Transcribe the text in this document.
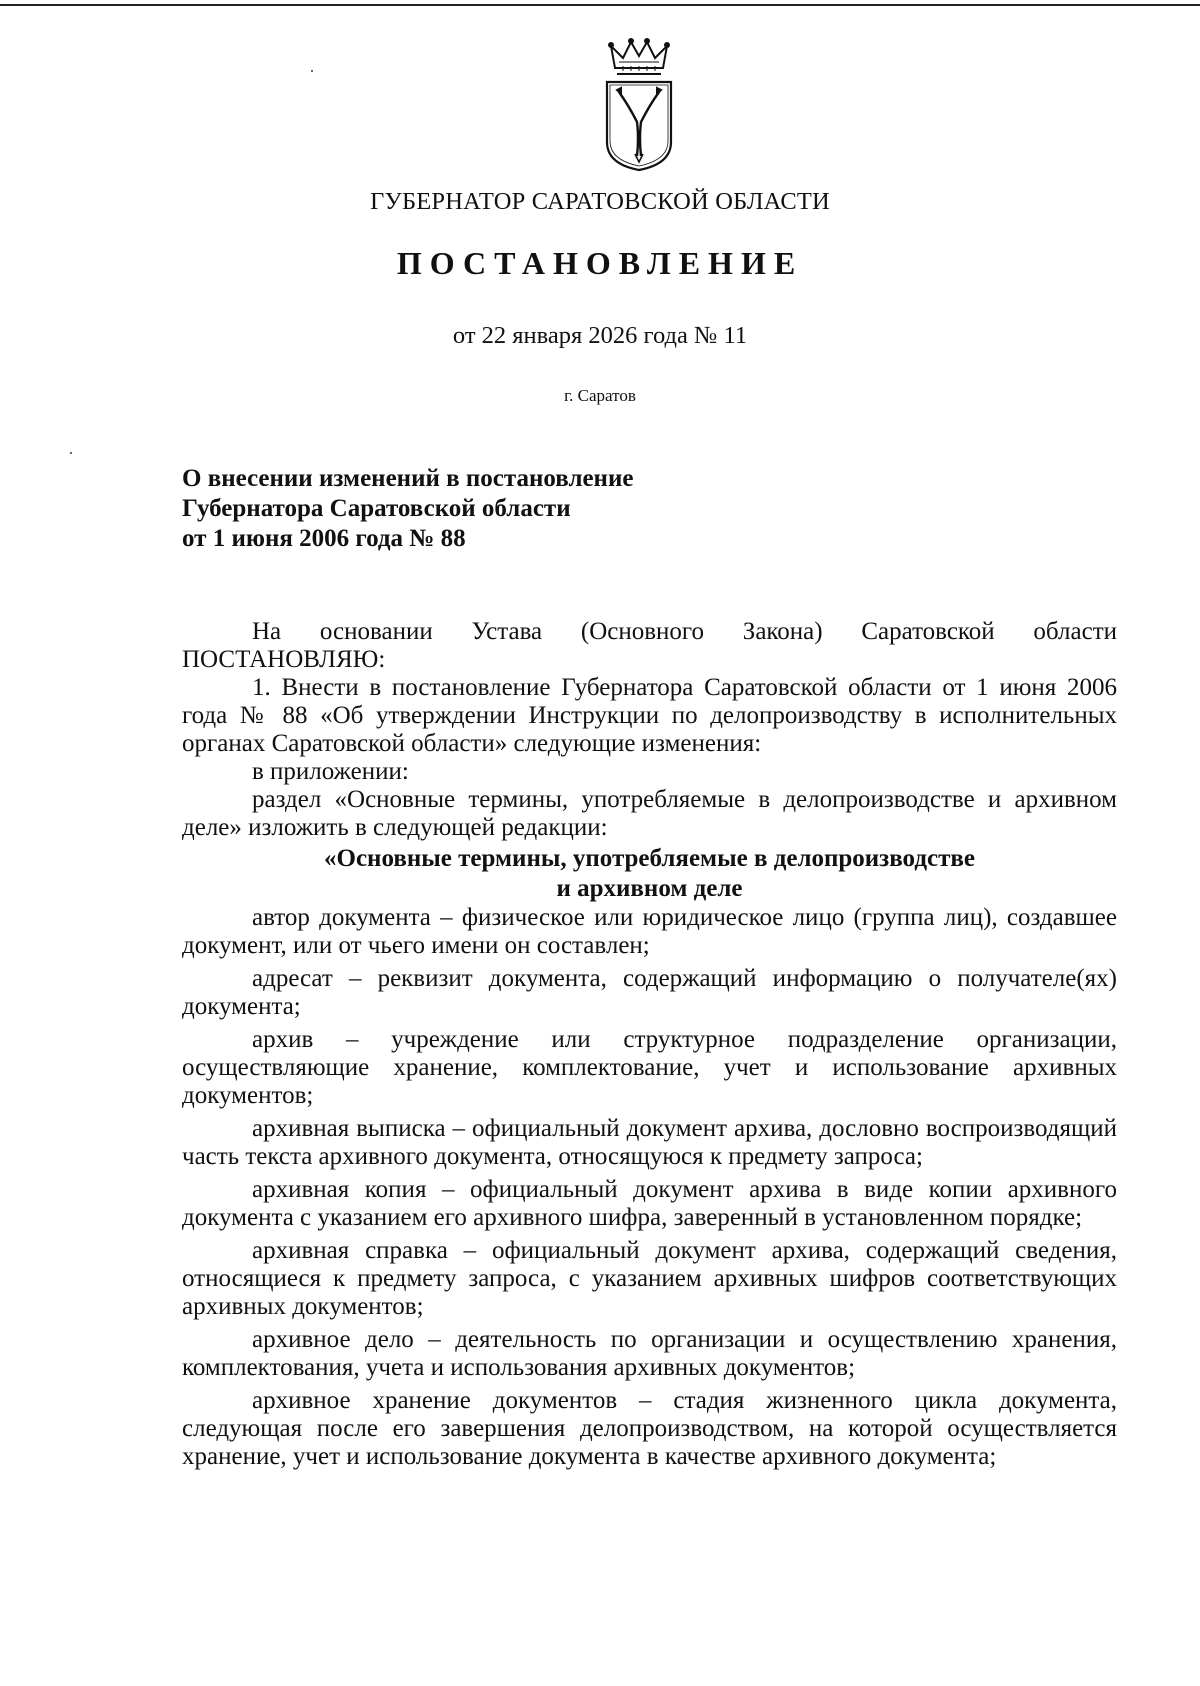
ГУБЕРНАТОР САРАТОВСКОЙ ОБЛАСТИ
ПОСТАНОВЛЕНИЕ
от 22 января 2026 года № 11
г. Саратов
О внесении изменений в постановление
Губернатора Саратовской области
от 1 июня 2006 года № 88

На основании Устава (Основного Закона) Саратовской области ПОСТАНОВЛЯЮ:

1. Внести в постановление Губернатора Саратовской области от 1 июня 2006 года № 88 «Об утверждении Инструкции по делопроизводству в исполнительных органах Саратовской области» следующие изменения:

в приложении:

раздел «Основные термины, употребляемые в делопроизводстве и архивном деле» изложить в следующей редакции:

«Основные термины, употребляемые в делопроизводстве
и архивном деле

автор документа – физическое или юридическое лицо (группа лиц), создавшее документ, или от чьего имени он составлен;

адресат – реквизит документа, содержащий информацию о получателе(ях) документа;

архив – учреждение или структурное подразделение организации, осуществляющие хранение, комплектование, учет и использование архивных документов;

архивная выписка – официальный документ архива, дословно воспроизводящий часть текста архивного документа, относящуюся к предмету запроса;

архивная копия – официальный документ архива в виде копии архивного документа с указанием его архивного шифра, заверенный в установленном порядке;

архивная справка – официальный документ архива, содержащий сведения, относящиеся к предмету запроса, с указанием архивных шифров соответствующих архивных документов;

архивное дело – деятельность по организации и осуществлению хранения, комплектования, учета и использования архивных документов;

архивное хранение документов – стадия жизненного цикла документа, следующая после его завершения делопроизводством, на которой осуществляется хранение, учет и использование документа в качестве архивного документа;
